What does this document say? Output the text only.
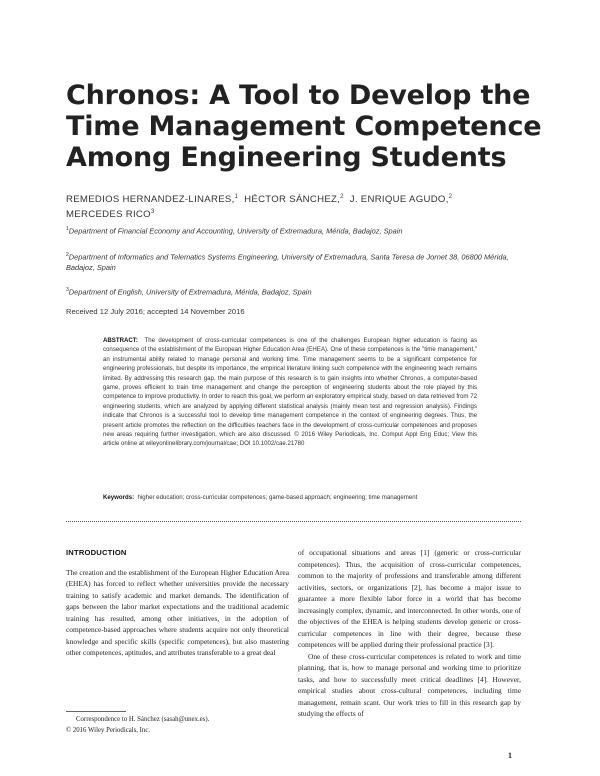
Chronos: A Tool to Develop the Time Management Competence Among Engineering Students
REMEDIOS HERNANDEZ-LINARES,$^1$ HÉCTOR SÁNCHEZ,$^2$ J. ENRIQUE AGUDO,$^2$
MERCEDES RICO$^3$
$^1$Department of Financial Economy and Accounting, University of Extremadura, Mérida, Badajoz, Spain
$^2$Department of Informatics and Telematics Systems Engineering, University of Extremadura, Santa Teresa de Jornet 38, 06800 Mérida, Badajoz, Spain
$^3$Department of English, University of Extremadura, Mérida, Badajoz, Spain
Received 12 July 2016; accepted 14 November 2016
ABSTRACT: The development of cross-curricular competences is one of the challenges European higher education is facing as consequence of the establishment of the European Higher Education Area (EHEA). One of these competences is the "time management," an instrumental ability related to manage personal and working time. Time management seems to be a significant competence for engineering professionals, but despite its importance, the empirical literature linking such competence with the engineering teach remains limited. By addressing this research gap, the main purpose of this research is to gain insights into whether Chronos, a computer-based game, proves efficient to train time management and change the perception of engineering students about the role played by this competence to improve productivity. In order to reach this goal, we perform an exploratory empirical study, based on data retrieved from 72 engineering students, which are analyzed by applying different statistical analysis (mainly mean test and regression analysis). Findings indicate that Chronos is a successful tool to develop time management competence in the context of engineering degrees. Thus, the present article promotes the reflection on the difficulties teachers face in the development of cross-curricular competences and proposes new areas requiring further investigation, which are also discussed. © 2016 Wiley Periodicals, Inc. Comput Appl Eng Educ; View this article online at wileyonlinelibrary.com/journal/cae; DOI 10.1002/cae.21780
Keywords: higher education; cross-curricular competences; game-based approach; engineering; time management
INTRODUCTION

The creation and the establishment of the European Higher Education Area (EHEA) has forced to reflect whether universities provide the necessary training to satisfy academic and market demands. The identification of gaps between the labor market expectations and the traditional academic training has resulted, among other initiatives, in the adoption of competence-based approaches where students acquire not only theoretical knowledge and specific skills (specific competences), but also mastering other competences, aptitudes, and attributes transferable to a great deal

of occupational situations and areas [1] (generic or cross-curricular competences). Thus, the acquisition of cross-curricular competences, common to the majority of professions and transferable among different activities, sectors, or organizations [2], has become a major issue to guarantee a more flexible labor force in a world that has become increasingly complex, dynamic, and interconnected. In other words, one of the objectives of the EHEA is helping students develop generic or cross-curricular competences in line with their degree, because these competences will be applied during their professional practice [3].

One of these cross-curricular competences is related to work and time planning, that is, how to manage personal and working time to prioritize tasks, and how to successfully meet critical deadlines [4]. However, empirical studies about cross-cultural competences, including time management, remain scant. Our work tries to fill in this research gap by studying the effects of

Correspondence to H. Sánchez (sasah@unex.es).
© 2016 Wiley Periodicals, Inc.
1
